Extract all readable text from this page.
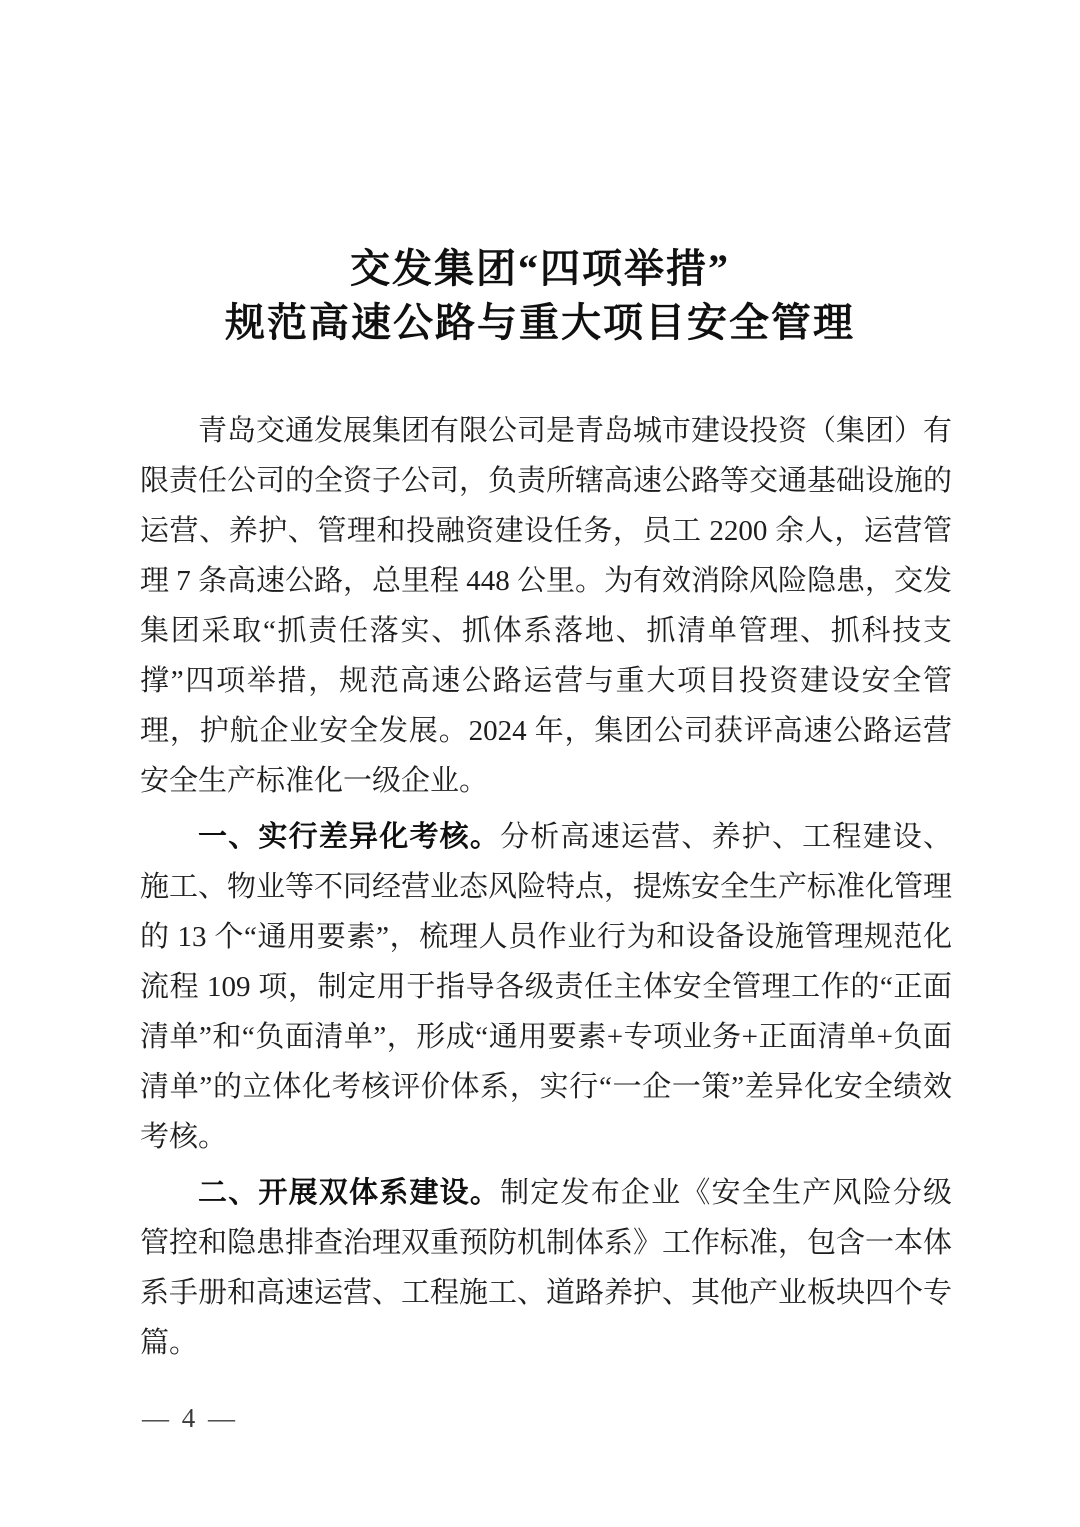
交发集团“四项举措”
规范高速公路与重大项目安全管理

青岛交通发展集团有限公司是青岛城市建设投资（集团）有限责任公司的全资子公司，负责所辖高速公路等交通基础设施的运营、养护、管理和投融资建设任务，员工 2200 余人，运营管理 7 条高速公路，总里程 448 公里。为有效消除风险隐患，交发集团采取“抓责任落实、抓体系落地、抓清单管理、抓科技支撑”四项举措，规范高速公路运营与重大项目投资建设安全管理，护航企业安全发展。2024 年，集团公司获评高速公路运营安全生产标准化一级企业。

一、实行差异化考核。分析高速运营、养护、工程建设、施工、物业等不同经营业态风险特点，提炼安全生产标准化管理的 13 个“通用要素”，梳理人员作业行为和设备设施管理规范化流程 109 项，制定用于指导各级责任主体安全管理工作的“正面清单”和“负面清单”，形成“通用要素+专项业务+正面清单+负面清单”的立体化考核评价体系，实行“一企一策”差异化安全绩效考核。

二、开展双体系建设。制定发布企业《安全生产风险分级管控和隐患排查治理双重预防机制体系》工作标准，包含一本体系手册和高速运营、工程施工、道路养护、其他产业板块四个专篇。

— 4 —
